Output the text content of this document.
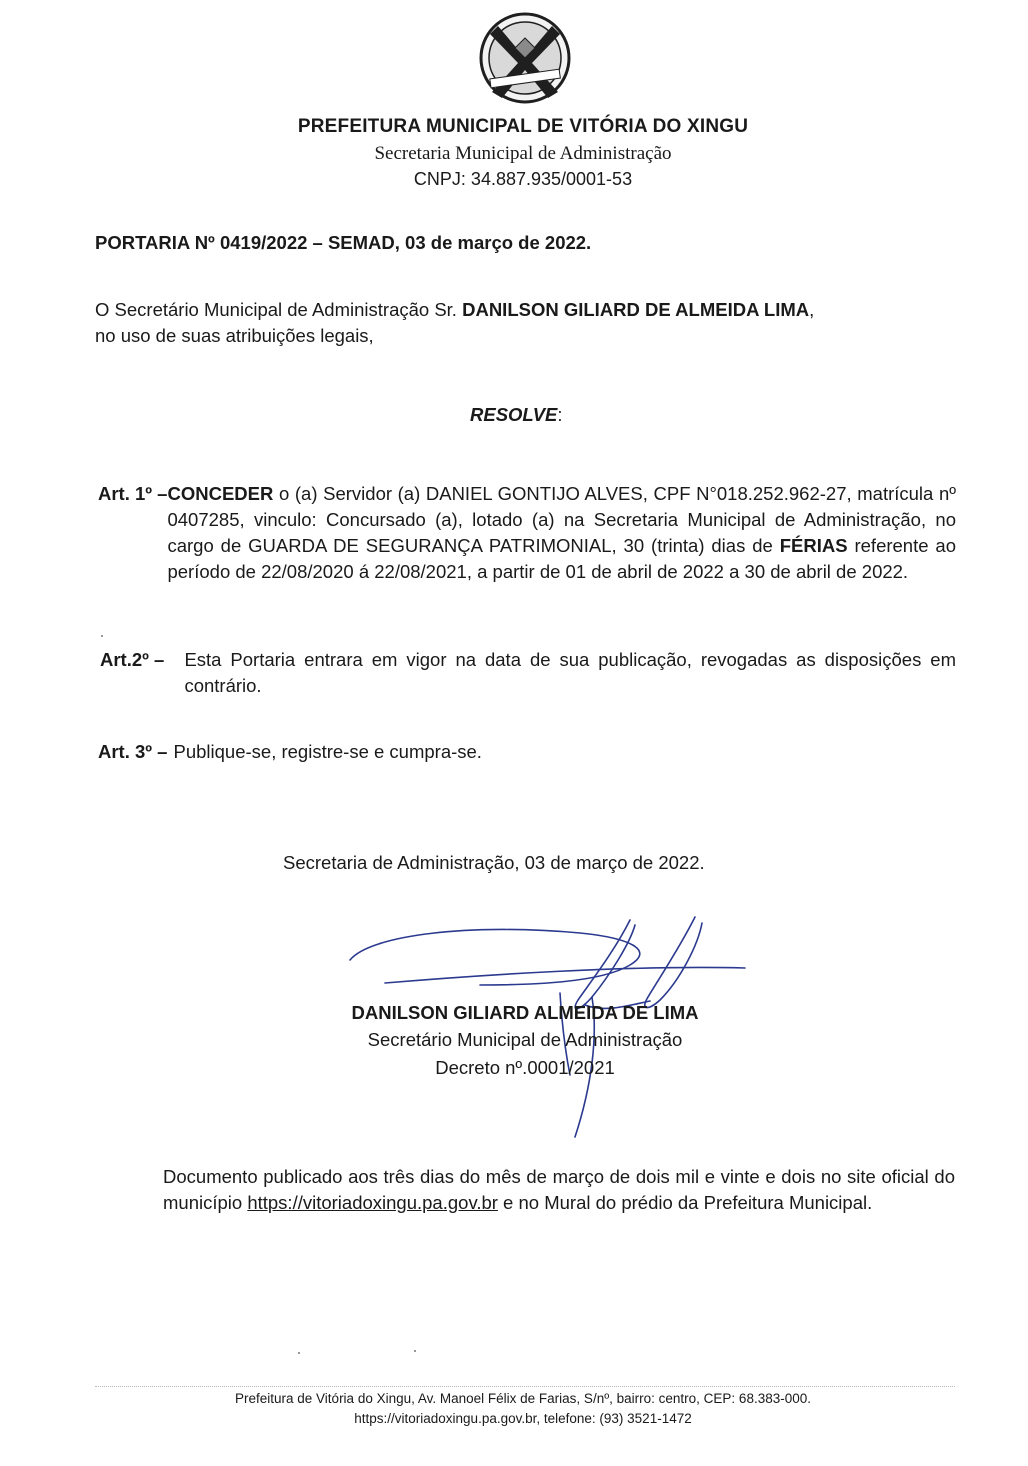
PREFEITURA MUNICIPAL DE VITÓRIA DO XINGU
Secretaria Municipal de Administração
CNPJ: 34.887.935/0001-53
PORTARIA Nº 0419/2022 – SEMAD, 03 de março de 2022.
O Secretário Municipal de Administração Sr. DANILSON GILIARD DE ALMEIDA LIMA,
no uso de suas atribuições legais,
RESOLVE:
Art. 1º – CONCEDER o (a) Servidor (a) DANIEL GONTIJO ALVES, CPF N°018.252.962-27, matrícula nº 0407285, vinculo: Concursado (a), lotado (a) na Secretaria Municipal de Administração, no cargo de GUARDA DE SEGURANÇA PATRIMONIAL, 30 (trinta) dias de FÉRIAS referente ao período de 22/08/2020 á 22/08/2021, a partir de 01 de abril de 2022 a 30 de abril de 2022.
Art.2º –	Esta Portaria entrara em vigor na data de sua publicação, revogadas as disposições em contrário.
Art. 3º – Publique-se, registre-se e cumpra-se.
Secretaria de Administração, 03 de março de 2022.
DANILSON GILIARD ALMEIDA DE LIMA
Secretário Municipal de Administração
Decreto nº.0001/2021
Documento publicado aos três dias do mês de março de dois mil e vinte e dois no site oficial do município https://vitoriadoxingu.pa.gov.br e no Mural do prédio da Prefeitura Municipal.
Prefeitura de Vitória do Xingu, Av. Manoel Félix de Farias, S/nº, bairro: centro, CEP: 68.383-000.
https://vitoriadoxingu.pa.gov.br, telefone: (93) 3521-1472
